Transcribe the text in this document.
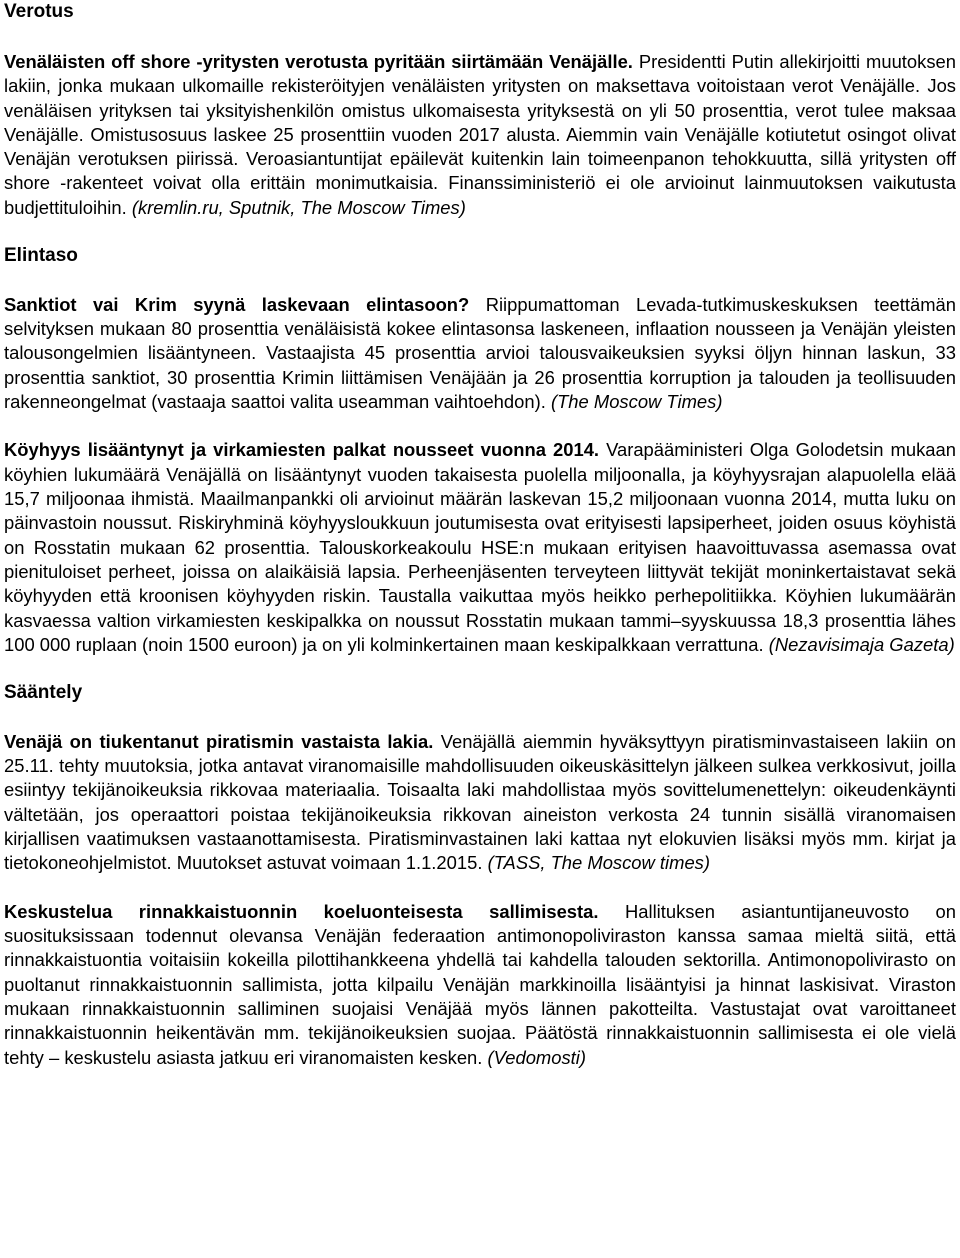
Verotus

Venäläisten off shore -yritysten verotusta pyritään siirtämään Venäjälle. Presidentti Putin allekirjoitti muutoksen lakiin, jonka mukaan ulkomaille rekisteröityjen venäläisten yritysten on maksettava voitoistaan verot Venäjälle. Jos venäläisen yrityksen tai yksityishenkilön omistus ulkomaisesta yrityksestä on yli 50 prosenttia, verot tulee maksaa Venäjälle. Omistusosuus laskee 25 prosenttiin vuoden 2017 alusta. Aiemmin vain Venäjälle kotiutetut osingot olivat Venäjän verotuksen piirissä. Veroasiantuntijat epäilevät kuitenkin lain toimeenpanon tehokkuutta, sillä yritysten off shore -rakenteet voivat olla erittäin monimutkaisia. Finanssiministeriö ei ole arvioinut lainmuutoksen vaikutusta budjettituloihin. (kremlin.ru, Sputnik, The Moscow Times)

Elintaso

Sanktiot vai Krim syynä laskevaan elintasoon? Riippumattoman Levada-tutkimuskeskuksen teettämän selvityksen mukaan 80 prosenttia venäläisistä kokee elintasonsa laskeneen, inflaation nousseen ja Venäjän yleisten talousongelmien lisääntyneen. Vastaajista 45 prosenttia arvioi talousvaikeuksien syyksi öljyn hinnan laskun, 33 prosenttia sanktiot, 30 prosenttia Krimin liittämisen Venäjään ja 26 prosenttia korruption ja talouden ja teollisuuden rakenneongelmat (vastaaja saattoi valita useamman vaihtoehdon). (The Moscow Times)

Köyhyys lisääntynyt ja virkamiesten palkat nousseet vuonna 2014. Varapääministeri Olga Golodetsin mukaan köyhien lukumäärä Venäjällä on lisääntynyt vuoden takaisesta puolella miljoonalla, ja köyhyysrajan alapuolella elää 15,7 miljoonaa ihmistä. Maailmanpankki oli arvioinut määrän laskevan 15,2 miljoonaan vuonna 2014, mutta luku on päinvastoin noussut. Riskiryhminä köyhyysloukkuun joutumisesta ovat erityisesti lapsiperheet, joiden osuus köyhistä on Rosstatin mukaan 62 prosenttia. Talouskorkeakoulu HSE:n mukaan erityisen haavoittuvassa asemassa ovat pienituloiset perheet, joissa on alaikäisiä lapsia. Perheenjäsenten terveyteen liittyvät tekijät moninkertaistavat sekä köyhyyden että kroonisen köyhyyden riskin. Taustalla vaikuttaa myös heikko perhepolitiikka. Köyhien lukumäärän kasvaessa valtion virkamiesten keskipalkka on noussut Rosstatin mukaan tammi–syyskuussa 18,3 prosenttia lähes 100 000 ruplaan (noin 1500 euroon) ja on yli kolminkertainen maan keskipalkkaan verrattuna. (Nezavisimaja Gazeta)

Sääntely

Venäjä on tiukentanut piratismin vastaista lakia. Venäjällä aiemmin hyväksyttyyn piratisminvastaiseen lakiin on 25.11. tehty muutoksia, jotka antavat viranomaisille mahdollisuuden oikeuskäsittelyn jälkeen sulkea verkkosivut, joilla esiintyy tekijänoikeuksia rikkovaa materiaalia. Toisaalta laki mahdollistaa myös sovittelumenettelyn: oikeudenkäynti vältetään, jos operaattori poistaa tekijänoikeuksia rikkovan aineiston verkosta 24 tunnin sisällä viranomaisen kirjallisen vaatimuksen vastaanottamisesta. Piratisminvastainen laki kattaa nyt elokuvien lisäksi myös mm. kirjat ja tietokoneohjelmistot. Muutokset astuvat voimaan 1.1.2015. (TASS, The Moscow times)

Keskustelua rinnakkaistuonnin koeluonteisesta sallimisesta. Hallituksen asiantuntijaneuvosto on suosituksissaan todennut olevansa Venäjän federaation antimonopoliviraston kanssa samaa mieltä siitä, että rinnakkaistuontia voitaisiin kokeilla pilottihankkeena yhdellä tai kahdella talouden sektorilla. Antimonopolivirasto on puoltanut rinnakkaistuonnin sallimista, jotta kilpailu Venäjän markkinoilla lisääntyisi ja hinnat laskisivat. Viraston mukaan rinnakkaistuonnin salliminen suojaisi Venäjää myös lännen pakotteilta. Vastustajat ovat varoittaneet rinnakkaistuonnin heikentävän mm. tekijänoikeuksien suojaa. Päätöstä rinnakkaistuonnin sallimisesta ei ole vielä tehty – keskustelu asiasta jatkuu eri viranomaisten kesken. (Vedomosti)
